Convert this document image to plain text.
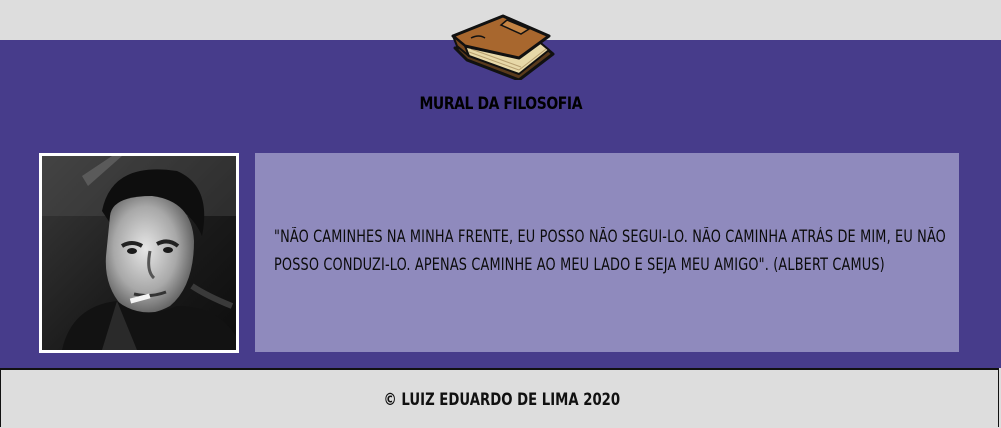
MURAL DA FILOSOFIA
"NÃO CAMINHES NA MINHA FRENTE, EU POSSO NÃO SEGUI-LO. NÃO CAMINHA ATRÁS DE MIM, EU NÃO POSSO CONDUZI-LO. APENAS CAMINHE AO MEU LADO E SEJA MEU AMIGO". (ALBERT CAMUS)
© LUIZ EDUARDO DE LIMA 2020
